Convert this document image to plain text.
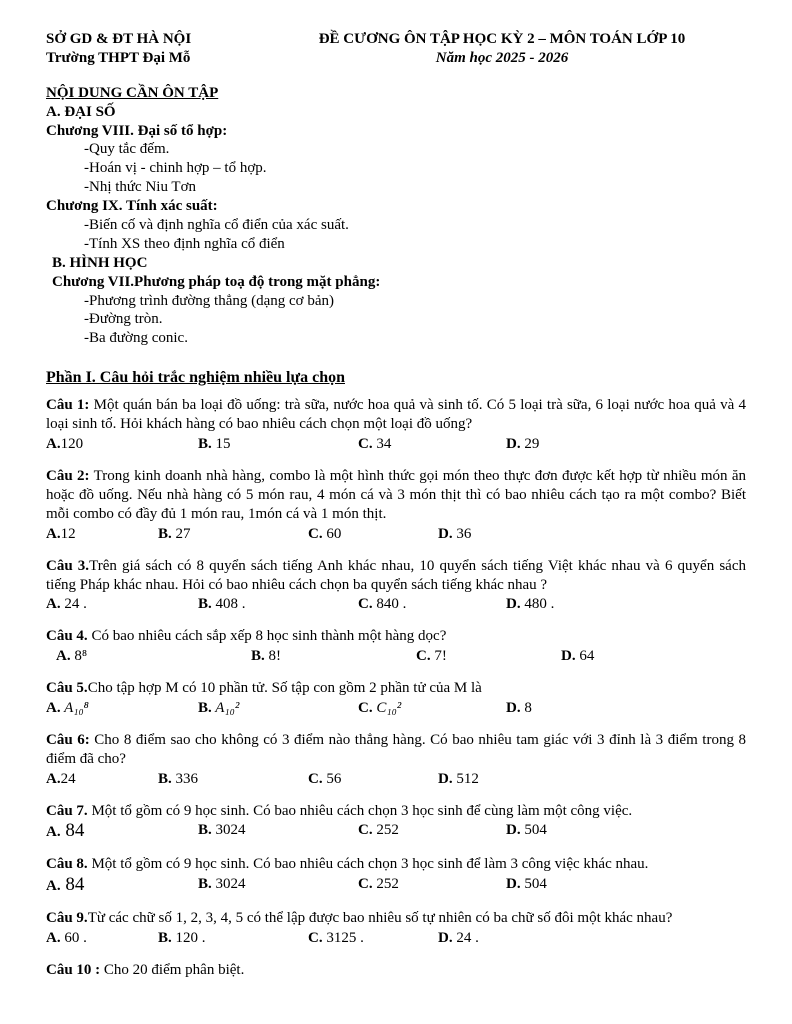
SỞ GD & ĐT HÀ NỘI
Trường THPT Đại Mỗ
ĐỀ CƯƠNG ÔN TẬP HỌC KỲ 2 – MÔN TOÁN LỚP 10
Năm học 2025 - 2026
NỘI DUNG CẦN ÔN TẬP
A. ĐẠI SỐ
Chương VIII. Đại số tổ hợp:
-Quy tắc đếm.
-Hoán vị - chinh hợp – tổ hợp.
-Nhị thức Niu Tơn
Chương IX. Tính xác suất:
-Biến cố và định nghĩa cổ điển của xác suất.
-Tính XS theo định nghĩa cổ điển
B. HÌNH HỌC
Chương VII.Phương pháp toạ độ trong mặt phẳng:
-Phương trình đường thẳng (dạng cơ bản)
-Đường tròn.
-Ba đường conic.
Phần I. Câu hỏi trắc nghiệm nhiều lựa chọn

Câu 1: Một quán bán ba loại đồ uống: trà sữa, nước hoa quả và sinh tố. Có 5 loại trà sữa, 6 loại nước hoa quả và 4 loại sinh tố. Hỏi khách hàng có bao nhiêu cách chọn một loại đồ uống?

A.120	B. 15	C. 34	D. 29

Câu 2: Trong kinh doanh nhà hàng, combo là một hình thức gọi món theo thực đơn được kết hợp từ nhiều món ăn hoặc đồ uống. Nếu nhà hàng có 5 món rau, 4 món cá và 3 món thịt thì có bao nhiêu cách tạo ra một combo? Biết mỗi combo có đầy đủ 1 món rau, 1món cá và 1 món thịt.

A.12	B. 27	C. 60	D. 36

Câu 3.Trên giá sách có 8 quyển sách tiếng Anh khác nhau, 10 quyển sách tiếng Việt khác nhau và 6 quyển sách tiếng Pháp khác nhau. Hỏi có bao nhiêu cách chọn ba quyển sách tiếng khác nhau ?

A. 24 .	B. 408 .	C. 840 .	D. 480 .

Câu 4. Có bao nhiêu cách sắp xếp 8 học sinh thành một hàng dọc?

A. 8⁸	B. 8!	C. 7!	D. 64

Câu 5.Cho tập hợp M có 10 phần tử. Số tập con gồm 2 phần tử của M là

A. A₁₀⁸	B. A₁₀²	C. C₁₀²	D. 8

Câu 6: Cho 8 điểm sao cho không có 3 điểm nào thẳng hàng. Có bao nhiêu tam giác với 3 đỉnh là 3 điểm trong 8 điểm đã cho?

A.24	B. 336	C. 56	D. 512

Câu 7. Một tổ gồm có 9 học sinh. Có bao nhiêu cách chọn 3 học sinh để cùng làm một công việc.

A. 84	B. 3024	C. 252	D. 504

Câu 8. Một tổ gồm có 9 học sinh. Có bao nhiêu cách chọn 3 học sinh để làm 3 công việc khác nhau.

A. 84	B. 3024	C. 252	D. 504

Câu 9.Từ các chữ số 1, 2, 3, 4, 5 có thể lập được bao nhiêu số tự nhiên có ba chữ số đôi một khác nhau?

A. 60 .	B. 120 .	C. 3125 .	D. 24 .

Câu 10 : Cho 20 điểm phân biệt.
